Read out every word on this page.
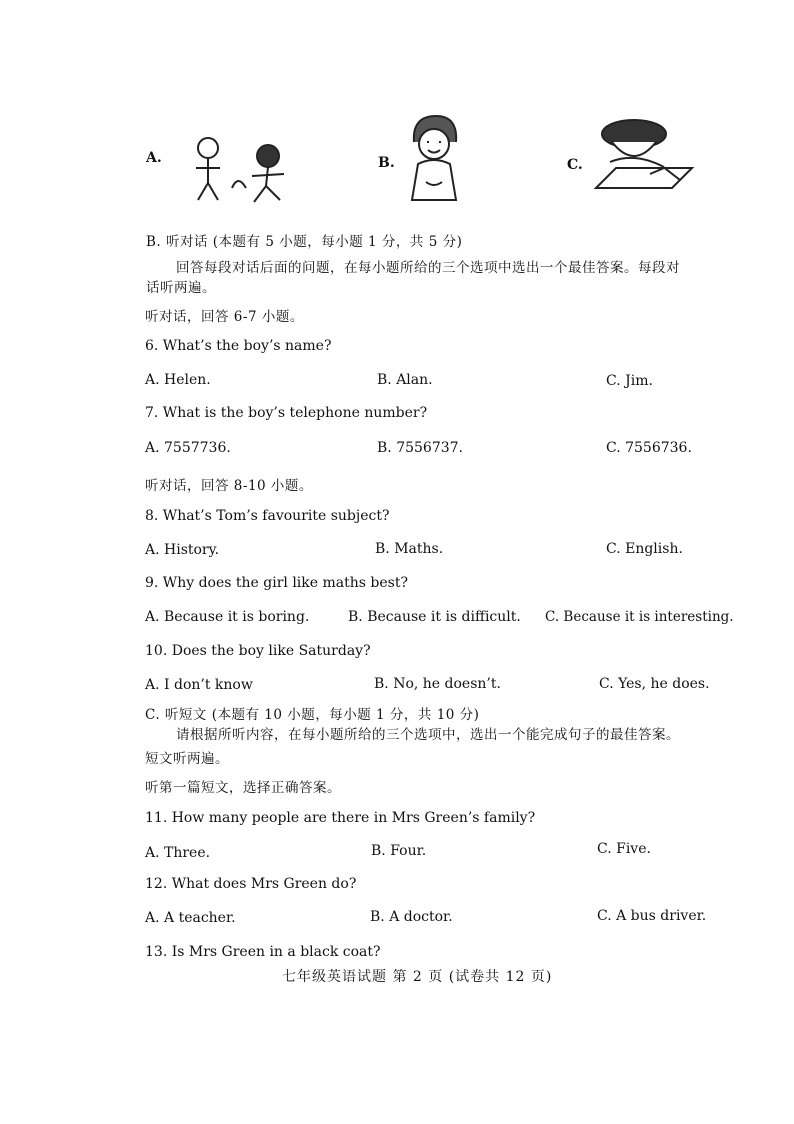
A.	B.	C.
B. 听对话 (本题有 5 小题，每小题 1 分，共 5 分)
回答每段对话后面的问题，在每小题所给的三个选项中选出一个最佳答案。每段对
话听两遍。
听对话，回答 6-7 小题。
6. What’s the boy’s name?
A. Helen.	B. Alan.	C. Jim.
7. What is the boy’s telephone number?
A. 7557736.	B. 7556737.	C. 7556736.
听对话，回答 8-10 小题。
8. What’s Tom’s favourite subject?
A. History.	B. Maths.	C. English.
9. Why does the girl like maths best?
A. Because it is boring.	B. Because it is difficult. C. Because it is interesting.
10. Does the boy like Saturday?
A. I don’t know	B. No, he doesn’t.	C. Yes, he does.
C. 听短文 (本题有 10 小题，每小题 1 分，共 10 分)
请根据所听内容，在每小题所给的三个选项中，选出一个能完成句子的最佳答案。
短文听两遍。
听第一篇短文，选择正确答案。
11. How many people are there in Mrs Green’s family?
A. Three.	B. Four.	C. Five.
12. What does Mrs Green do?
A. A teacher.	B. A doctor.	C. A bus driver.
13. Is Mrs Green in a black coat?
七年级英语试题 第 2 页 (试卷共 12 页)
